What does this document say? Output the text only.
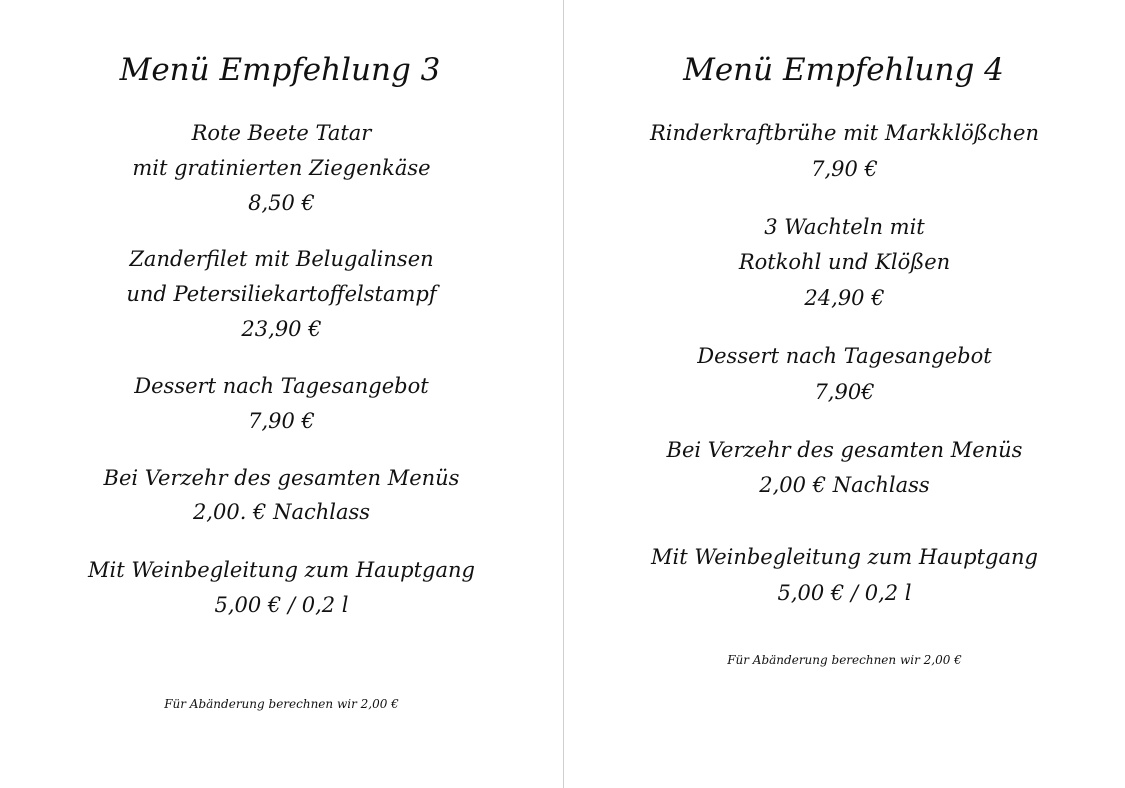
Menü Empfehlung 3
Rote Beete Tatar
mit gratinierten Ziegenkäse
8,50 €
Zanderfilet mit Belugalinsen
und Petersiliekartoffelstampf
23,90 €
Dessert nach Tagesangebot
7,90 €
Bei Verzehr des gesamten Menüs
2,00. € Nachlass
Mit Weinbegleitung zum Hauptgang
5,00 € / 0,2 l
Für Abänderung berechnen wir 2,00 €
Menü Empfehlung 4
Rinderkraftbrühe mit Markklößchen
7,90 €
3 Wachteln mit
Rotkohl und Klößen
24,90 €
Dessert nach Tagesangebot
7,90€
Bei Verzehr des gesamten Menüs
2,00 € Nachlass
Mit Weinbegleitung zum Hauptgang
5,00 € / 0,2 l
Für Abänderung berechnen wir 2,00 €
